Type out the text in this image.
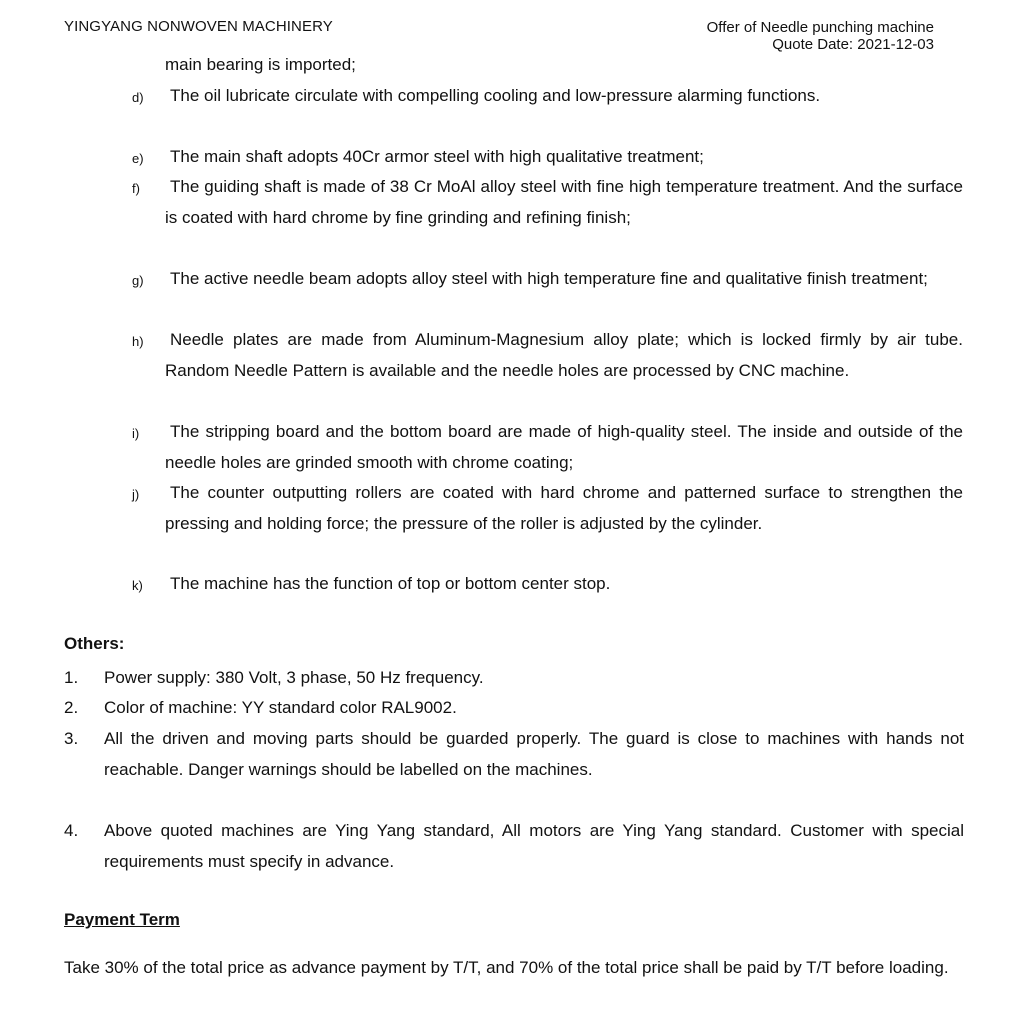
YINGYANG NONWOVEN MACHINERY	Offer of Needle punching machine
Quote Date: 2021-12-03
main bearing is imported;
d) The oil lubricate circulate with compelling cooling and low-pressure alarming functions.
e) The main shaft adopts 40Cr armor steel with high qualitative treatment;
f) The guiding shaft is made of 38 Cr MoAl alloy steel with fine high temperature treatment. And the surface is coated with hard chrome by fine grinding and refining finish;
g) The active needle beam adopts alloy steel with high temperature fine and qualitative finish treatment;
h) Needle plates are made from Aluminum-Magnesium alloy plate; which is locked firmly by air tube. Random Needle Pattern is available and the needle holes are processed by CNC machine.
i) The stripping board and the bottom board are made of high-quality steel. The inside and outside of the needle holes are grinded smooth with chrome coating;
j) The counter outputting rollers are coated with hard chrome and patterned surface to strengthen the pressing and holding force; the pressure of the roller is adjusted by the cylinder.
k) The machine has the function of top or bottom center stop.
Others:
1. Power supply: 380 Volt, 3 phase, 50 Hz frequency.
2. Color of machine: YY standard color RAL9002.
3. All the driven and moving parts should be guarded properly. The guard is close to machines with hands not reachable. Danger warnings should be labelled on the machines.
4. Above quoted machines are Ying Yang standard, All motors are Ying Yang standard. Customer with special requirements must specify in advance.
Payment Term
Take 30% of the total price as advance payment by T/T, and 70% of the total price shall be paid by T/T before loading.
